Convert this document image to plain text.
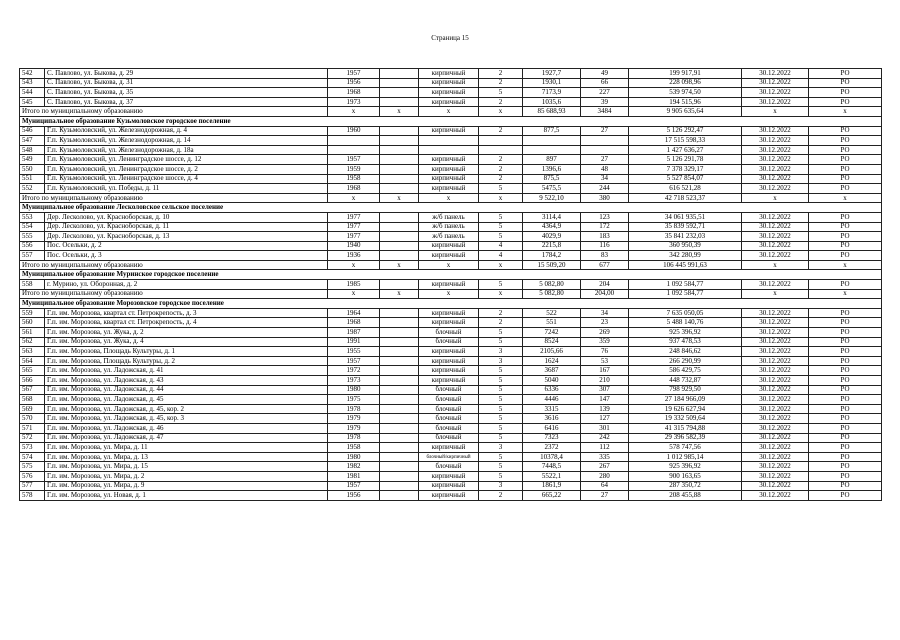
Страница 15
542	С. Павлово, ул. Быкова, д. 29	1957		кирпичный	2	1927,7	49	199 917,91	30.12.2022	РО
543	С. Павлово, ул. Быкова, д. 31	1956		кирпичный	2	1930,1	66	228 098,96	30.12.2022	РО
544	С. Павлово, ул. Быкова, д. 35	1968		кирпичный	5	7173,9	227	539 974,50	30.12.2022	РО
545	С. Павлово, ул. Быкова, д. 37	1973		кирпичный	2	1035,6	39	194 515,96	30.12.2022	РО
Итого по муниципальному образованию		x	x	x	x	85 688,93	3484	9 905 635,64	x	x
Муниципальное образование Кузьмоловское городское поселение										
546	Г.п. Кузьмоловский, ул. Железнодорожная, д. 4	1960		кирпичный	2	877,5	27	5 126 292,47	30.12.2022	РО
547	Г.п. Кузьмоловский, ул. Железнодорожная, д. 14							17 515 598,33	30.12.2022	РО
548	Г.п. Кузьмоловский, ул. Железнодорожная, д. 18а							1 427 636,27	30.12.2022	РО
549	Г.п. Кузьмоловский, ул. Ленинградское шоссе, д. 12	1957		кирпичный	2	897	27	5 126 291,78	30.12.2022	РО
550	Г.п. Кузьмоловский, ул. Ленинградское шоссе, д. 2	1959		кирпичный	2	1396,6	48	7 378 329,17	30.12.2022	РО
551	Г.п. Кузьмоловский, ул. Ленинградское шоссе, д. 4	1958		кирпичный	2	875,5	34	5 527 854,07	30.12.2022	РО
552	Г.п. Кузьмоловский, ул. Победы, д. 11	1968		кирпичный	5	5475,5	244	616 521,28	30.12.2022	РО
Итого по муниципальному образованию		x	x	x	x	9 522,10	380	42 718 523,37	x	x
Муниципальное образование Лесколовское сельское поселение										
553	Дер. Лесколово, ул. Красноборская, д. 10	1977		ж/б панель	5	3114,4	123	34 061 935,51	30.12.2022	РО
554	Дер. Лесколово, ул. Красноборская, д. 11	1977		ж/б панель	5	4364,9	172	35 839 592,71	30.12.2022	РО
555	Дер. Лесколово, ул. Красноборская, д. 13	1977		ж/б панель	5	4029,9	183	35 841 232,03	30.12.2022	РО
556	Пос. Осельки, д. 2	1940		кирпичный	4	2215,8	116	360 950,39	30.12.2022	РО
557	Пос. Осельки, д. 3	1936		кирпичный	4	1784,2	83	342 280,99	30.12.2022	РО
Итого по муниципальному образованию		x	x	x	x	15 509,20	677	106 445 991,63	x	x
Муниципальное образование Муринское городское поселение										
558	г. Мурино, ул. Оборонная, д. 2	1985		кирпичный	5	5 082,80	204	1 092 584,77	30.12.2022	РО
Итого по муниципальному образованию		x	x	x	x	5 082,80	204,00	1 092 584,77	x	x
Муниципальное образование Морозовское городское поселение										
559	Г.п. им. Морозова, квартал ст. Петрокрепость, д. 3	1964		кирпичный	2	522	34	7 635 050,05	30.12.2022	РО
560	Г.п. им. Морозова, квартал ст. Петрокрепость, д. 4	1968		кирпичный	2	551	23	5 488 140,76	30.12.2022	РО
561	Г.п. им. Морозова, ул. Жука, д. 2	1987		блочный	5	7242	269	925 396,92	30.12.2022	РО
562	Г.п. им. Морозова, ул. Жука, д. 4	1991		блочный	5	8524	359	937 478,53	30.12.2022	РО
563	Г.п. им. Морозова, Площадь Культуры, д. 1	1955		кирпичный	3	2105,66	76	248 846,62	30.12.2022	РО
564	Г.п. им. Морозова, Площадь Культуры, д. 2	1957		кирпичный	3	1624	53	266 290,99	30.12.2022	РО
565	Г.п. им. Морозова, ул. Ладожская, д. 41	1972		кирпичный	5	3687	167	586 429,75	30.12.2022	РО
566	Г.п. им. Морозова, ул. Ладожская, д. 43	1973		кирпичный	5	5040	210	448 732,87	30.12.2022	РО
567	Г.п. им. Морозова, ул. Ладожская, д. 44	1980		блочный	5	6336	307	798 929,50	30.12.2022	РО
568	Г.п. им. Морозова, ул. Ладожская, д. 45	1975		блочный	5	4446	147	27 184 966,09	30.12.2022	РО
569	Г.п. им. Морозова, ул. Ладожская, д. 45, кор. 2	1978		блочный	5	3315	139	19 626 627,94	30.12.2022	РО
570	Г.п. им. Морозова, ул. Ладожская, д. 45, кор. 3	1979		блочный	5	3616	127	19 332 509,64	30.12.2022	РО
571	Г.п. им. Морозова, ул. Ладожская, д. 46	1979		блочный	5	6416	301	41 315 794,88	30.12.2022	РО
572	Г.п. им. Морозова, ул. Ладожская, д. 47	1978		блочный	5	7323	242	29 396 582,39	30.12.2022	РО
573	Г.п. им. Морозова, ул. Мира, д. 11	1958		кирпичный	3	2372	112	578 747,56	30.12.2022	РО
574	Г.п. им. Морозова, ул. Мира, д. 13	1980		блочный/кирпичный	5	10378,4	335	1 012 985,14	30.12.2022	РО
575	Г.п. им. Морозова, ул. Мира, д. 15	1982		блочный	5	7448,5	267	925 396,92	30.12.2022	РО
576	Г.п. им. Морозова, ул. Мира, д. 2	1981		кирпичный	5	5522,1	280	900 163,65	30.12.2022	РО
577	Г.п. им. Морозова, ул. Мира, д. 9	1957		кирпичный	3	1861,9	64	287 350,72	30.12.2022	РО
578	Г.п. им. Морозова, ул. Новая, д. 1	1956		кирпичный	2	665,22	27	208 455,88	30.12.2022	РО
